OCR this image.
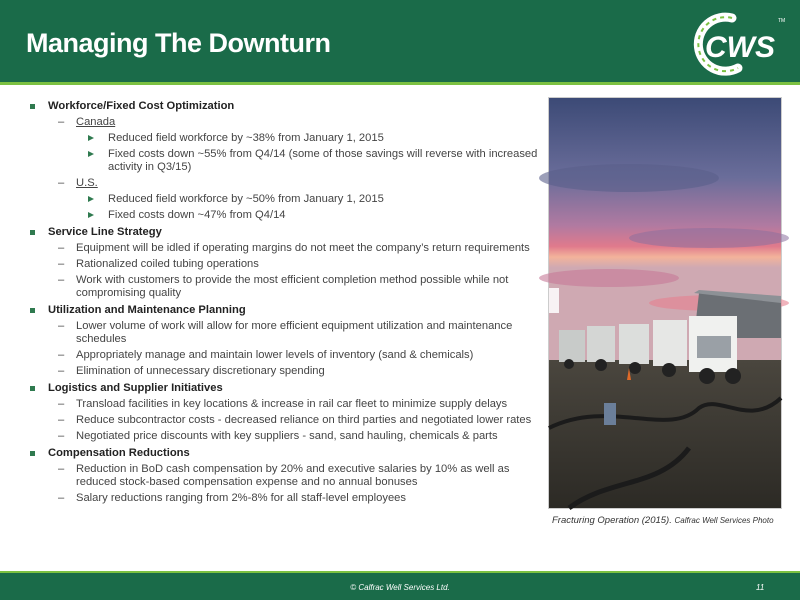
Managing The Downturn	CWS
TM
Workforce/Fixed Cost Optimization
– Canada
Reduced field workforce by ~38% from January 1, 2015
Fixed costs down ~55% from Q4/14 (some of those savings will reverse with increased activity in Q3/15)
– U.S.
Reduced field workforce by ~50% from January 1, 2015
Fixed costs down ~47% from Q4/14
Service Line Strategy
– Equipment will be idled if operating margins do not meet the company’s return requirements
– Rationalized coiled tubing operations
– Work with customers to provide the most efficient completion method possible while not compromising quality
Utilization and Maintenance Planning
– Lower volume of work will allow for more efficient equipment utilization and maintenance schedules
– Appropriately manage and maintain lower levels of inventory (sand & chemicals)
– Elimination of unnecessary discretionary spending
Logistics and Supplier Initiatives
– Transload facilities in key locations & increase in rail car fleet to minimize supply delays
– Reduce subcontractor costs - decreased reliance on third parties and negotiated lower rates
– Negotiated price discounts with key suppliers - sand, sand hauling, chemicals & parts
Compensation Reductions
– Reduction in BoD cash compensation by 20% and executive salaries by 10% as well as reduced stock-based compensation expense and no annual bonuses
– Salary reductions ranging from 2%-8% for all staff-level employees
Fracturing Operation (2015). Calfrac Well Services Photo
© Calfrac Well Services Ltd.	11
